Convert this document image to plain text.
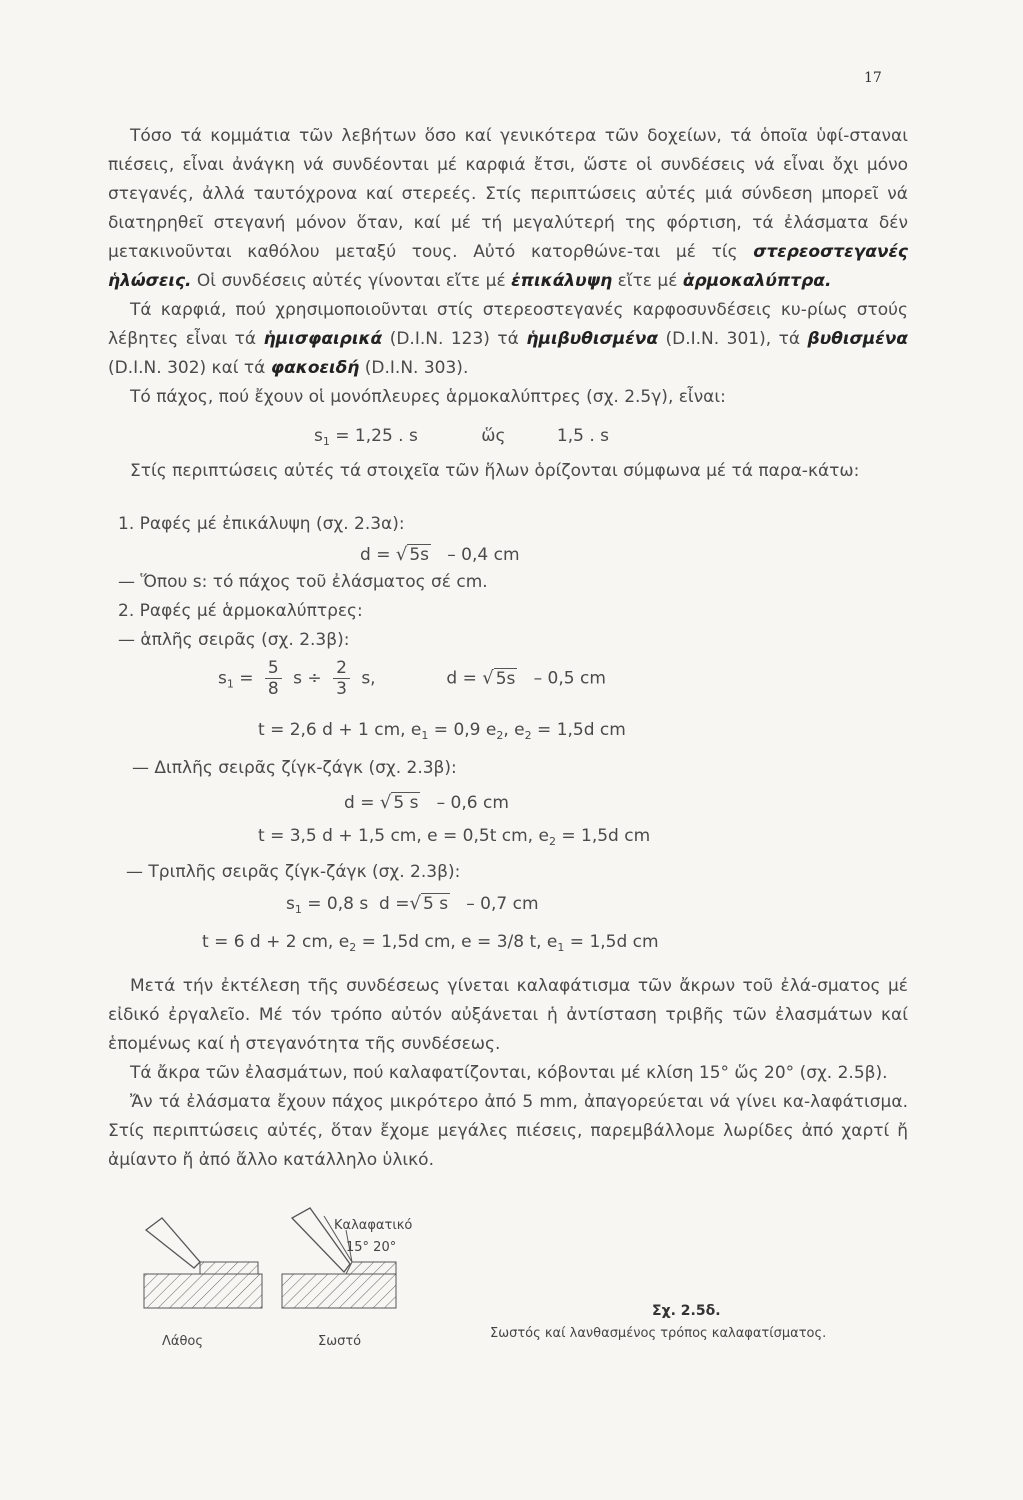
17

Τόσο τά κομμάτια τῶν λεβήτων ὅσο καί γενικότερα τῶν δοχείων, τά ὁποῖα ὑφί-σταναι πιέσεις, εἶναι ἀνάγκη νά συνδέονται μέ καρφιά ἔτσι, ὥστε οἱ συνδέσεις νά εἶναι ὄχι μόνο στεγανές, ἀλλά ταυτόχρονα καί στερεές. Στίς περιπτώσεις αὐτές μιά σύνδεση μπορεῖ νά διατηρηθεῖ στεγανή μόνον ὅταν, καί μέ τή μεγαλύτερή της φόρτιση, τά ἐλάσματα δέν μετακινοῦνται καθόλου μεταξύ τους. Αὐτό κατορθώνε-ται μέ τίς στερεοστεγανές ἡλώσεις. Οἱ συνδέσεις αὐτές γίνονται εἴτε μέ ἐπικάλυψη εἴτε μέ ἁρμοκαλύπτρα.

Τά καρφιά, πού χρησιμοποιοῦνται στίς στερεοστεγανές καρφοσυνδέσεις κυ-ρίως στούς λέβητες εἶναι τά ἡμισφαιρικά (D.I.N. 123) τά ἡμιβυθισμένα (D.I.N. 301), τά βυθισμένα (D.I.N. 302) καί τά φακοειδή (D.I.N. 303).

Τό πάχος, πού ἔχουν οἱ μονόπλευρες ἁρμοκαλύπτρες (σχ. 2.5γ), εἶναι:

$s_1 = 1,25$ . s	ὥς	1,5 . s

Στίς περιπτώσεις αὐτές τά στοιχεῖα τῶν ἥλων ὁρίζονται σύμφωνα μέ τά παρα-κάτω:

1. Ραφές μέ ἐπικάλυψη (σχ. 2.3α):
d = √ 5s – 0,4 cm
— Ὅπου s: τό πάχος τοῦ ἐλάσματος σέ cm.
2. Ραφές μέ ἁρμοκαλύπτρες:
— ἁπλῆς σειρᾶς (σχ. 2.3β):
$s_1 = \frac{5}{8}$ $s \div \frac{2}{3} s$,	d = √ 5s – 0,5 cm
t = 2,6 d + 1 cm, $e_1 = 0,9$ $e_2$, $e_2 = 1,5d$ cm
— Διπλῆς σειρᾶς ζίγκ-ζάγκ (σχ. 2.3β):
d = √ 5 s – 0,6 cm
t = 3,5 d + 1,5 cm, e = 0,5t cm, $e_2 = 1,5d$ cm
— Τριπλῆς σειρᾶς ζίγκ-ζάγκ (σχ. 2.3β):
$s_1 = 0,8$ s d =√ 5 s – 0,7 cm
t = 6 d + 2 cm, $e_2 = 1,5d$ cm, e = 3/8 t, $e_1 = 1,5d$ cm

Μετά τήν ἐκτέλεση τῆς συνδέσεως γίνεται καλαφάτισμα τῶν ἄκρων τοῦ ἐλά-σματος μέ εἰδικό ἐργαλεῖο. Μέ τόν τρόπο αὐτόν αὐξάνεται ἡ ἀντίσταση τριβῆς τῶν ἐλασμάτων καί ἑπομένως καί ἡ στεγανότητα τῆς συνδέσεως.

Τά ἄκρα τῶν ἐλασμάτων, πού καλαφατίζονται, κόβονται μέ κλίση 15° ὥς 20° (σχ. 2.5β).

Ἄν τά ἐλάσματα ἔχουν πάχος μικρότερο ἀπό 5 mm, ἀπαγορεύεται νά γίνει κα-λαφάτισμα. Στίς περιπτώσεις αὐτές, ὅταν ἔχομε μεγάλες πιέσεις, παρεμβάλλομε λωρίδες ἀπό χαρτί ἤ ἀμίαντο ἤ ἀπό ἄλλο κατάλληλο ὑλικό.

Καλαφατικό
15° 20°
Λάθος	Σωστό
Σχ. 2.5δ.
Σωστός καί λανθασμένος τρόπος καλαφατίσματος.
